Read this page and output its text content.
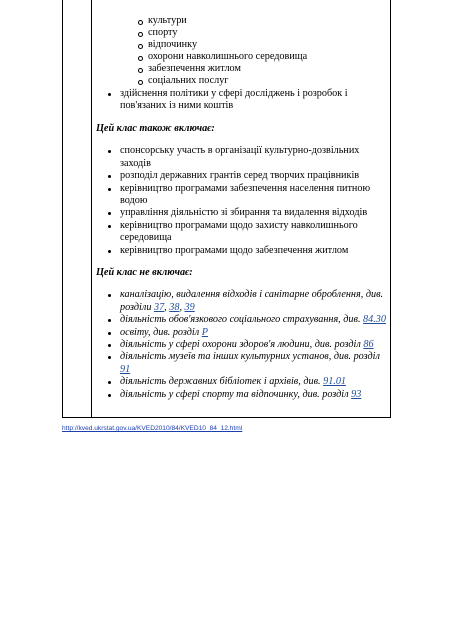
культури
спорту
відпочинку
охорони навколишнього середовища
забезпечення житлом
соціальних послуг
здійснення політики у сфері досліджень і розробок і пов'язаних із ними коштів
Цей клас також включає:
спонсорську участь в організації культурно-дозвільних заходів
розподіл державних грантів серед творчих працівників
керівництво програмами забезпечення населення питною водою
управління діяльністю зі збирання та видалення відходів
керівництво програмами щодо захисту навколишнього середовища
керівництво програмами щодо забезпечення житлом
Цей клас не включає:
каналізацію, видалення відходів і санітарне оброблення, див. розділи 37, 38, 39
діяльність обов'язкового соціального страхування, див. 84.30
освіту, див. розділ P
діяльність у сфері охорони здоров'я людини, див. розділ 86
діяльність музеїв та інших культурних установ, див. розділ 91
діяльність державних бібліотек і архівів, див. 91.01
діяльність у сфері спорту та відпочинку, див. розділ 93
http://kved.ukrstat.gov.ua/KVED2010/84/KVED10_84_12.html
